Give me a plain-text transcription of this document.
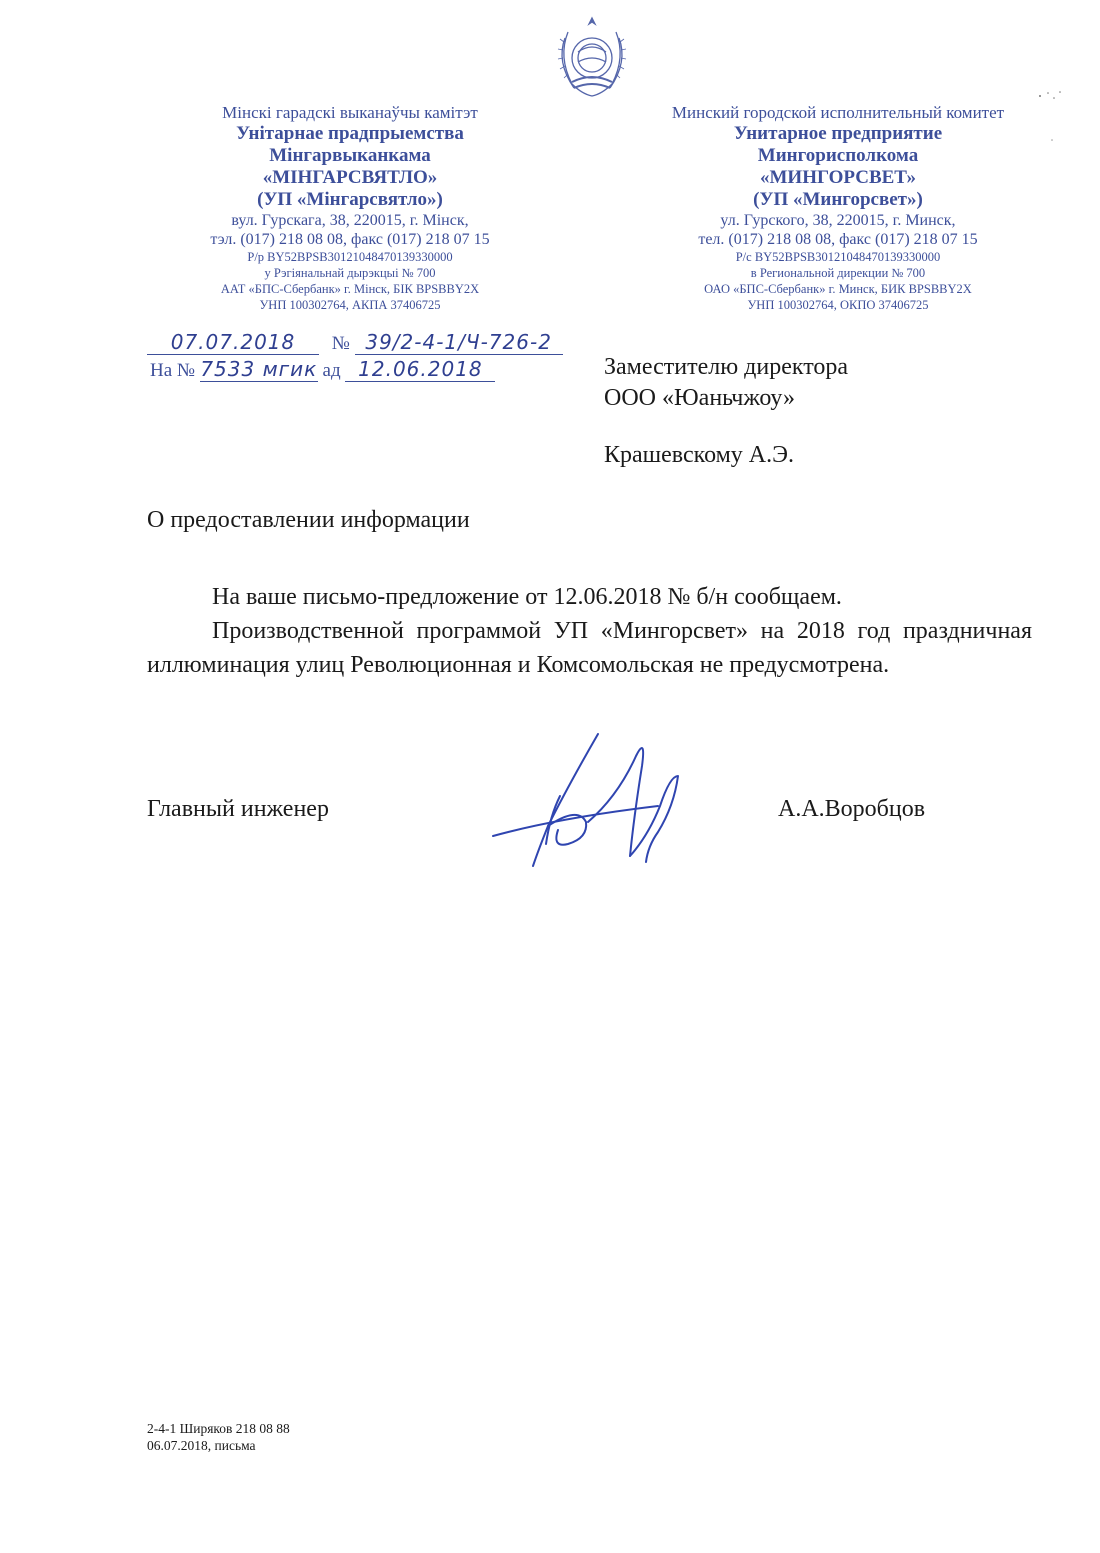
Мінскі гарадскі выканаўчы камітэт
Унітарнае прадпрыемства
Мінгарвыканкама
«МІНГАРСВЯТЛО»
(УП «Мінгарсвятло»)
вул. Гурскага, 38, 220015, г. Мінск,
тэл. (017) 218 08 08, факс (017) 218 07 15
Р/р BY52BPSB30121048470139330000
у Рэгіянальнай дырэкцыі № 700
ААТ «БПС-Сбербанк» г. Мінск, БІК BPSBBY2X
УНП 100302764, АКПА 37406725
Минский городской исполнительный комитет
Унитарное предприятие
Мингорисполкома
«МИНГОРСВЕТ»
(УП «Мингорсвет»)
ул. Гурского, 38, 220015, г. Минск,
тел. (017) 218 08 08, факс (017) 218 07 15
Р/с BY52BPSB30121048470139330000
в Региональной дирекции № 700
ОАО «БПС-Сбербанк» г. Минск, БИК BPSBBY2X
УНП 100302764, ОКПО 37406725
07.07.2018 № 39/2-4-1/Ч-726-2
На № 7533 мгик ад 12.06.2018	Заместителю директора
ООО «Юаньчжоу»
Крашевскому А.Э.
О предоставлении информации

На ваше письмо-предложение от 12.06.2018 № б/н сообщаем.

Производственной программой УП «Мингорсвет» на 2018 год праздничная иллюминация улиц Революционная и Комсомольская не предусмотрена.

Главный инженер	А.А.Воробцов
2-4-1 Ширяков 218 08 88
06.07.2018, письма
